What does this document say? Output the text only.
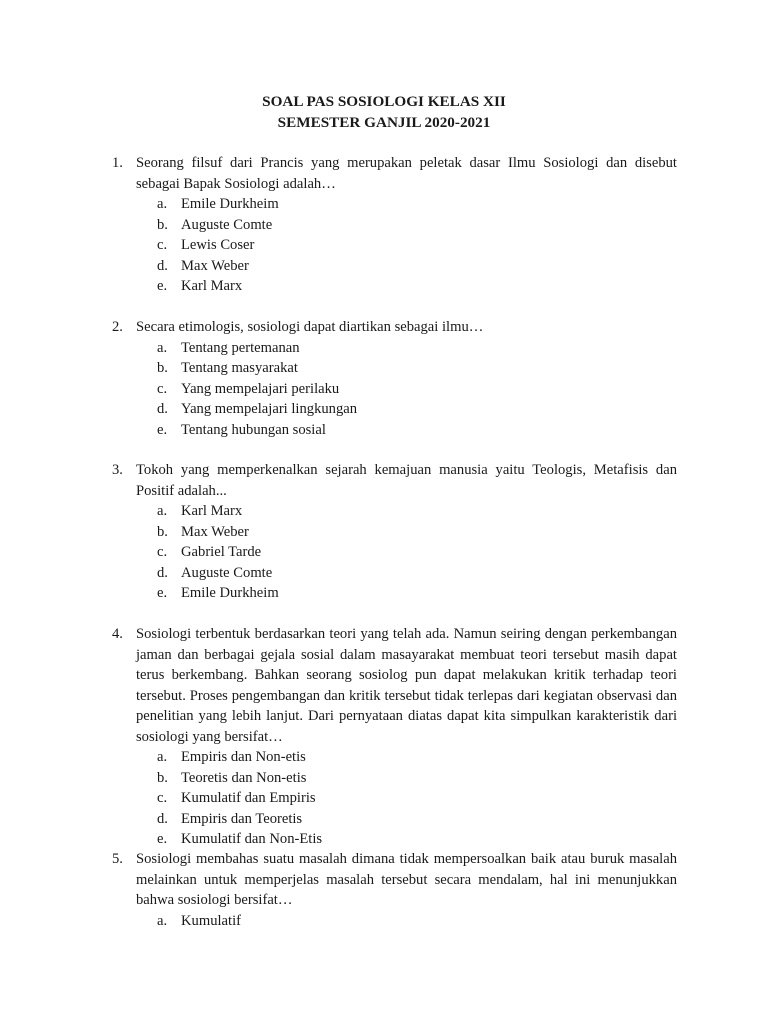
SOAL PAS SOSIOLOGI KELAS XII
SEMESTER GANJIL 2020-2021
1. Seorang filsuf dari Prancis yang merupakan peletak dasar Ilmu Sosiologi dan disebut sebagai Bapak Sosiologi adalah…
a. Emile Durkheim
b. Auguste Comte
c. Lewis Coser
d. Max Weber
e. Karl Marx
2. Secara etimologis, sosiologi dapat diartikan sebagai ilmu…
a. Tentang pertemanan
b. Tentang masyarakat
c. Yang mempelajari perilaku
d. Yang mempelajari lingkungan
e. Tentang hubungan sosial
3. Tokoh yang memperkenalkan sejarah kemajuan manusia yaitu Teologis, Metafisis dan Positif adalah...
a. Karl Marx
b. Max Weber
c. Gabriel Tarde
d. Auguste Comte
e. Emile Durkheim
4. Sosiologi terbentuk berdasarkan teori yang telah ada. Namun seiring dengan perkembangan jaman dan berbagai gejala sosial dalam masayarakat membuat teori tersebut masih dapat terus berkembang. Bahkan seorang sosiolog pun dapat melakukan kritik terhadap teori tersebut. Proses pengembangan dan kritik tersebut tidak terlepas dari kegiatan observasi dan penelitian yang lebih lanjut. Dari pernyataan diatas dapat kita simpulkan karakteristik dari sosiologi yang bersifat…
a. Empiris dan Non-etis
b. Teoretis dan Non-etis
c. Kumulatif dan Empiris
d. Empiris dan Teoretis
e. Kumulatif dan Non-Etis
5. Sosiologi membahas suatu masalah dimana tidak mempersoalkan baik atau buruk masalah melainkan untuk memperjelas masalah tersebut secara mendalam, hal ini menunjukkan bahwa sosiologi bersifat…
a. Kumulatif
